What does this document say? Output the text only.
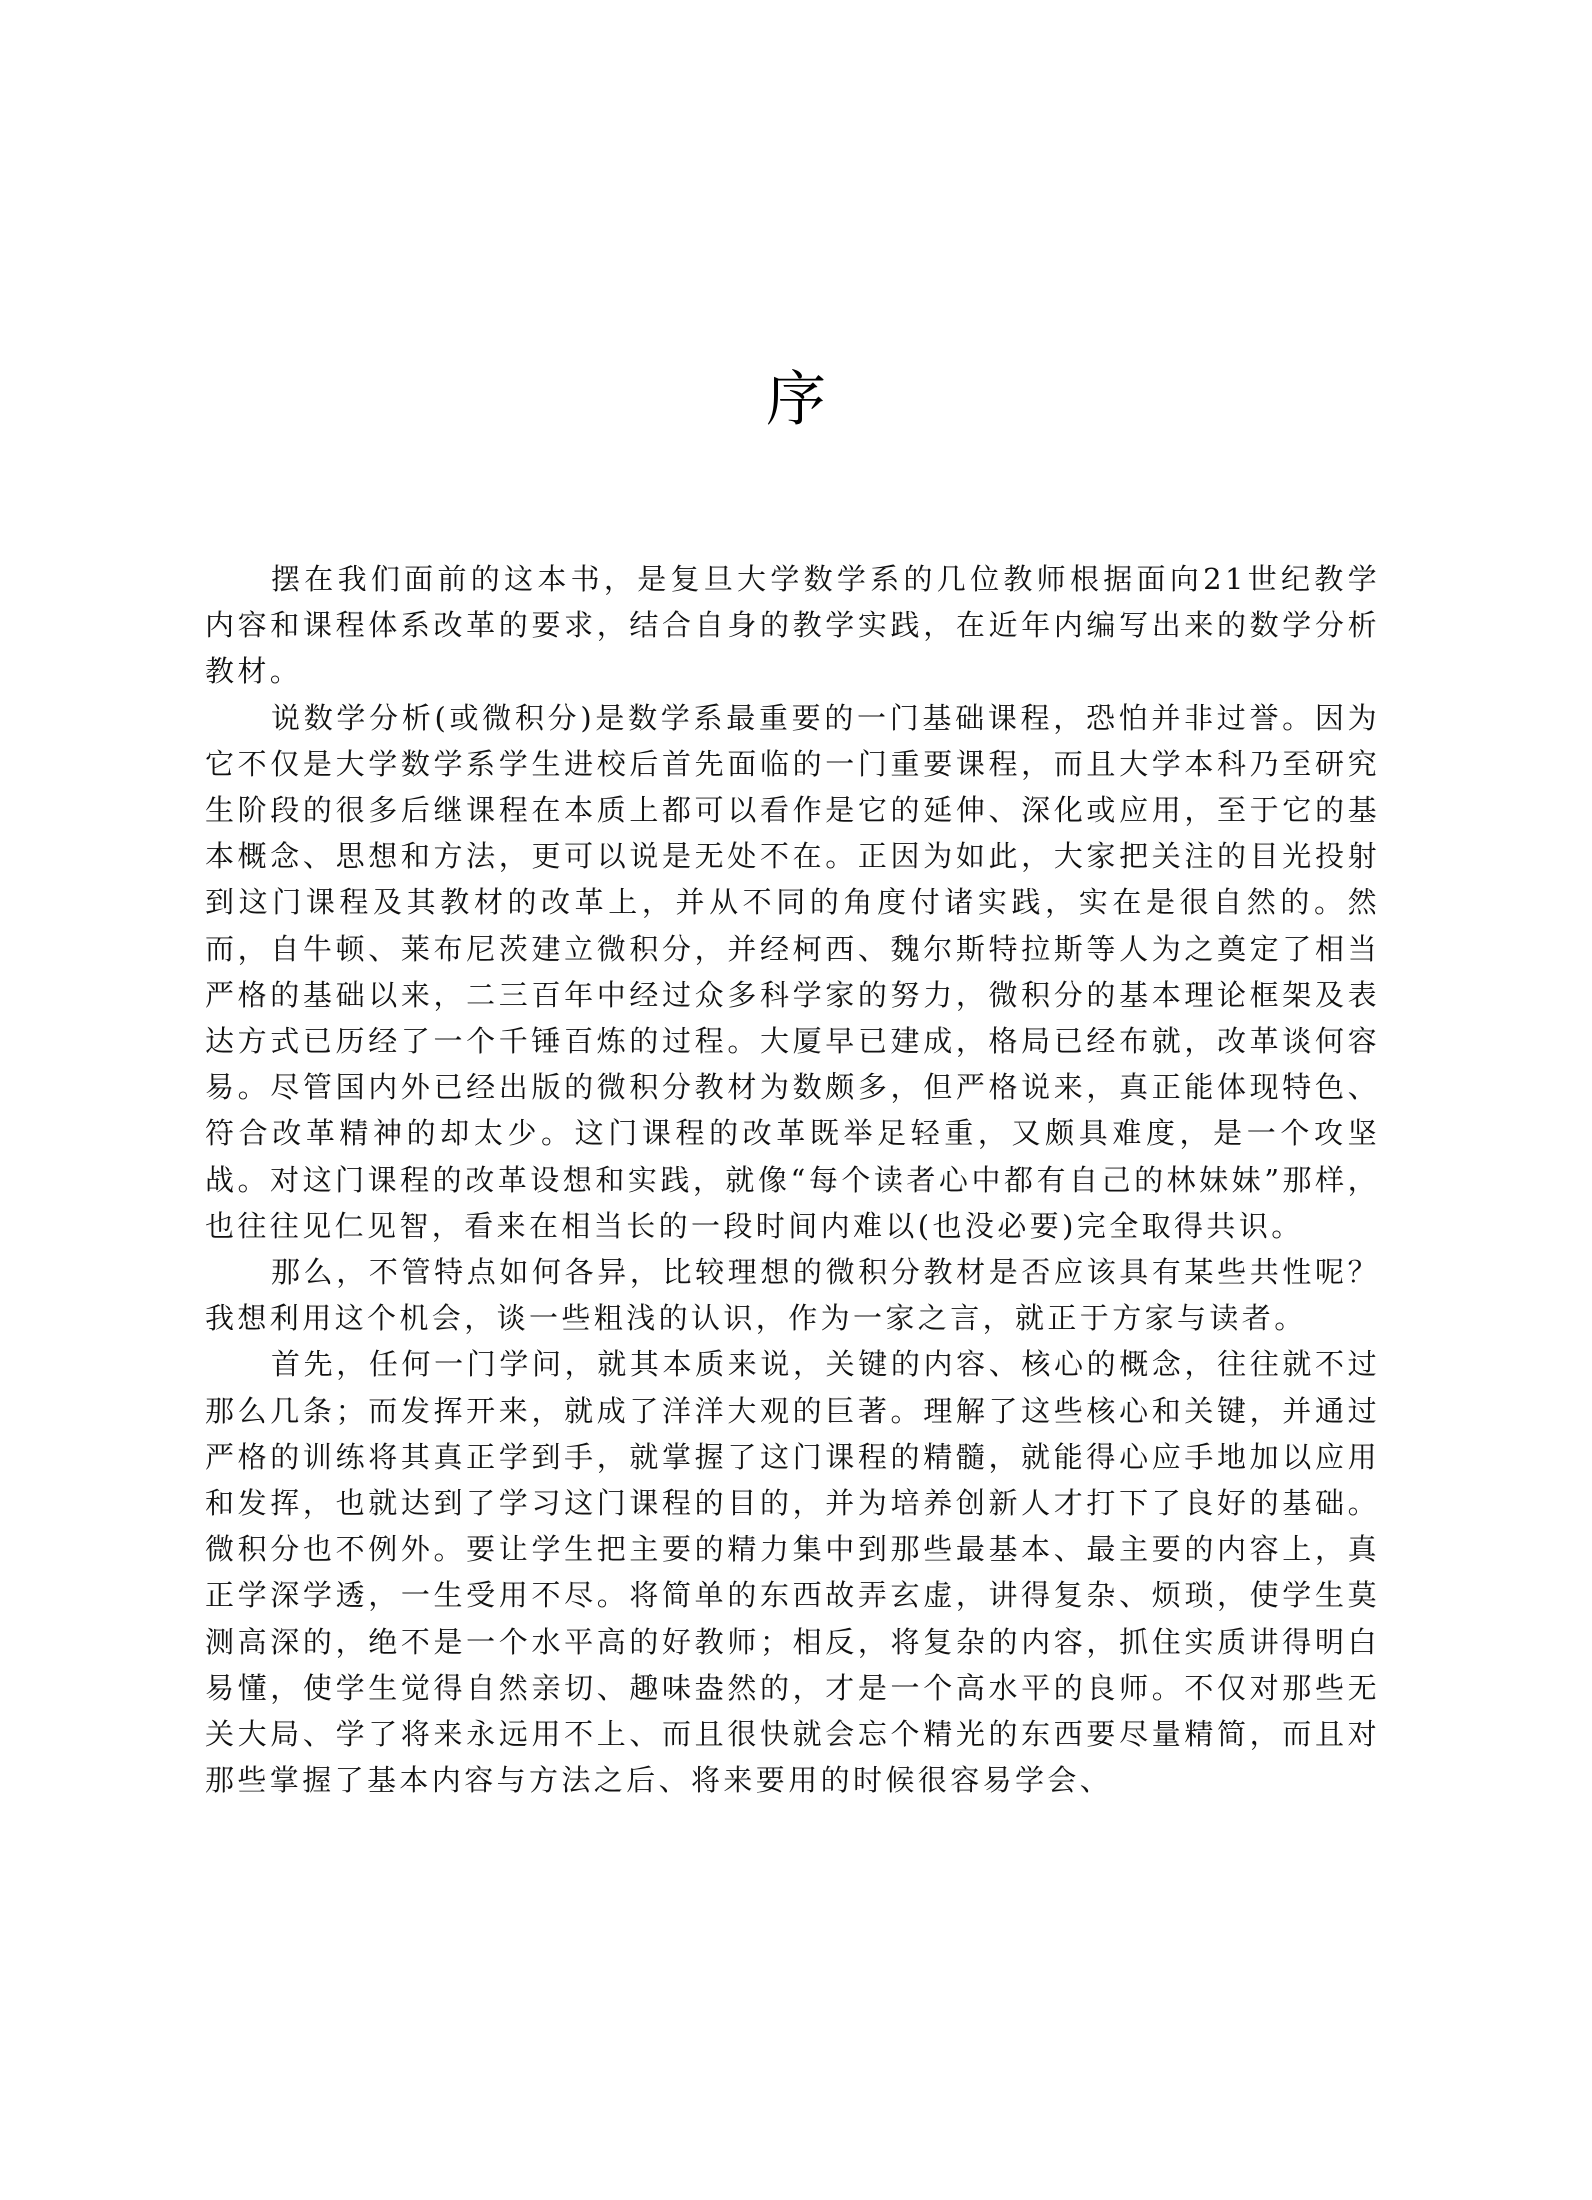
序

摆在我们面前的这本书，是复旦大学数学系的几位教师根据面向21世纪教学内容和课程体系改革的要求，结合自身的教学实践，在近年内编写出来的数学分析教材。

说数学分析(或微积分)是数学系最重要的一门基础课程，恐怕并非过誉。因为它不仅是大学数学系学生进校后首先面临的一门重要课程，而且大学本科乃至研究生阶段的很多后继课程在本质上都可以看作是它的延伸、深化或应用，至于它的基本概念、思想和方法，更可以说是无处不在。正因为如此，大家把关注的目光投射到这门课程及其教材的改革上，并从不同的角度付诸实践，实在是很自然的。然而，自牛顿、莱布尼茨建立微积分，并经柯西、魏尔斯特拉斯等人为之奠定了相当严格的基础以来，二三百年中经过众多科学家的努力，微积分的基本理论框架及表达方式已历经了一个千锤百炼的过程。大厦早已建成，格局已经布就，改革谈何容易。尽管国内外已经出版的微积分教材为数颇多，但严格说来，真正能体现特色、符合改革精神的却太少。这门课程的改革既举足轻重，又颇具难度，是一个攻坚战。对这门课程的改革设想和实践，就像“每个读者心中都有自己的林妹妹”那样，也往往见仁见智，看来在相当长的一段时间内难以(也没必要)完全取得共识。

那么，不管特点如何各异，比较理想的微积分教材是否应该具有某些共性呢？我想利用这个机会，谈一些粗浅的认识，作为一家之言，就正于方家与读者。

首先，任何一门学问，就其本质来说，关键的内容、核心的概念，往往就不过那么几条；而发挥开来，就成了洋洋大观的巨著。理解了这些核心和关键，并通过严格的训练将其真正学到手，就掌握了这门课程的精髓，就能得心应手地加以应用和发挥，也就达到了学习这门课程的目的，并为培养创新人才打下了良好的基础。微积分也不例外。要让学生把主要的精力集中到那些最基本、最主要的内容上，真正学深学透，一生受用不尽。将简单的东西故弄玄虚，讲得复杂、烦琐，使学生莫测高深的，绝不是一个水平高的好教师；相反，将复杂的内容，抓住实质讲得明白易懂，使学生觉得自然亲切、趣味盎然的，才是一个高水平的良师。不仅对那些无关大局、学了将来永远用不上、而且很快就会忘个精光的东西要尽量精简，而且对那些掌握了基本内容与方法之后、将来要用的时候很容易学会、
